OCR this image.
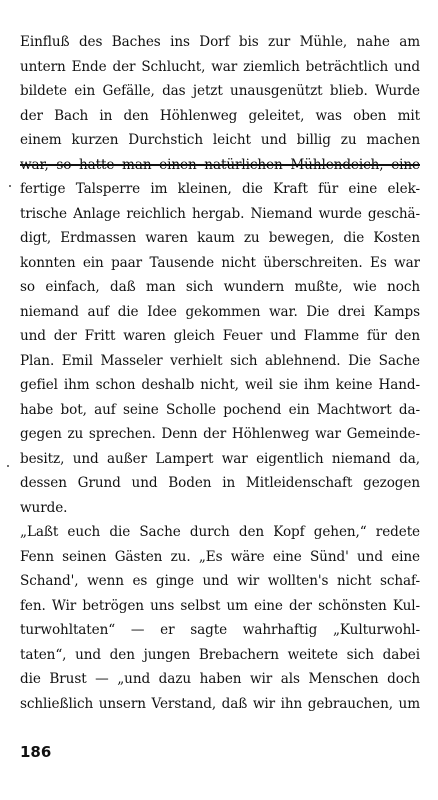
Einfluß des Baches ins Dorf bis zur Mühle, nahe am
untern Ende der Schlucht, war ziemlich beträchtlich und
bildete ein Gefälle, das jetzt unausgenützt blieb. Wurde
der Bach in den Höhlenweg geleitet, was oben mit
einem kurzen Durchstich leicht und billig zu machen
war, so hatte man einen natürlichen Mühlendeich, eine
fertige Talsperre im kleinen, die Kraft für eine elek-
trische Anlage reichlich hergab. Niemand wurde geschä-
digt, Erdmassen waren kaum zu bewegen, die Kosten
konnten ein paar Tausende nicht überschreiten. Es war
so einfach, daß man sich wundern mußte, wie noch
niemand auf die Idee gekommen war. Die drei Kamps
und der Fritt waren gleich Feuer und Flamme für den
Plan. Emil Masseler verhielt sich ablehnend. Die Sache
gefiel ihm schon deshalb nicht, weil sie ihm keine Hand-
habe bot, auf seine Scholle pochend ein Machtwort da-
gegen zu sprechen. Denn der Höhlenweg war Gemeinde-
besitz, und außer Lampert war eigentlich niemand da,
dessen Grund und Boden in Mitleidenschaft gezogen
wurde.
„Laßt euch die Sache durch den Kopf gehen,“ redete
Fenn seinen Gästen zu. „Es wäre eine Sünd' und eine
Schand', wenn es ginge und wir wollten's nicht schaf-
fen. Wir betrögen uns selbst um eine der schönsten Kul-
turwohltaten“ — er sagte wahrhaftig „Kulturwohl-
taten“, und den jungen Brebachern weitete sich dabei
die Brust — „und dazu haben wir als Menschen doch
schließlich unsern Verstand, daß wir ihn gebrauchen, um
186
